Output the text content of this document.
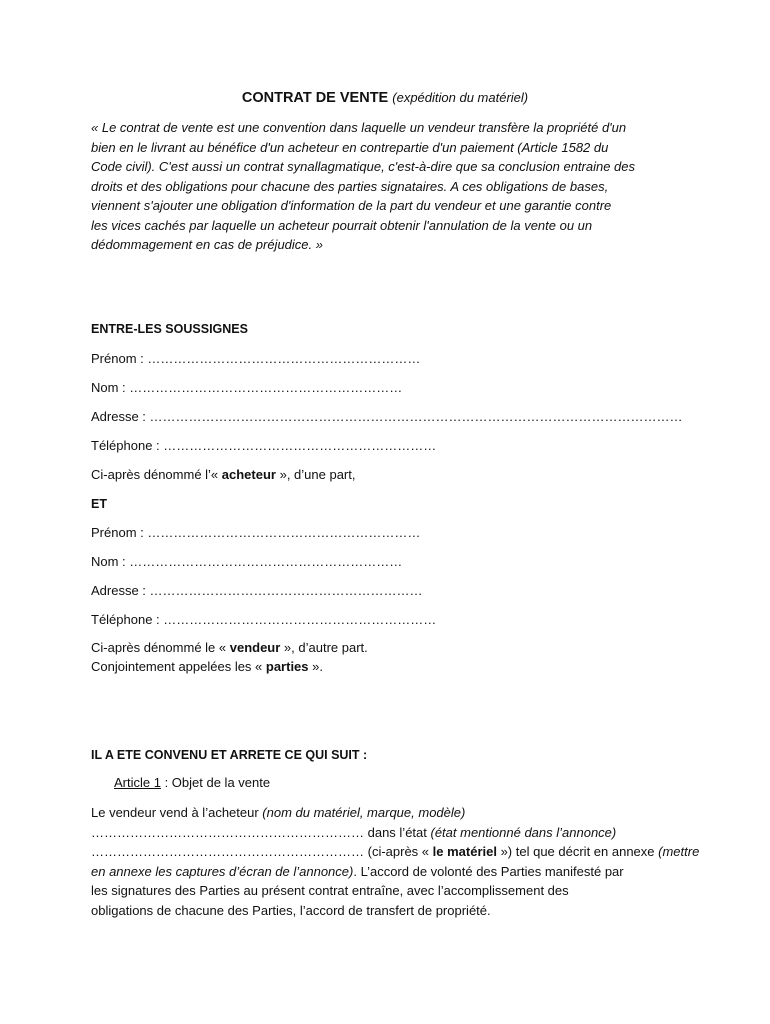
CONTRAT DE VENTE (expédition du matériel)

« Le contrat de vente est une convention dans laquelle un vendeur transfère la propriété d'un
bien en le livrant au bénéfice d'un acheteur en contrepartie d'un paiement (Article 1582 du
Code civil). C'est aussi un contrat synallagmatique, c'est-à-dire que sa conclusion entraine des
droits et des obligations pour chacune des parties signataires. A ces obligations de bases,
viennent s'ajouter une obligation d'information de la part du vendeur et une garantie contre
les vices cachés par laquelle un acheteur pourrait obtenir l'annulation de la vente ou un
dédommagement en cas de préjudice. »

ENTRE-LES SOUSSIGNES
Prénom : ………………………………………………………
Nom : ………………………………………………………
Adresse : ……………………………………………………………………………………………………………
Téléphone : ………………………………………………………
Ci-après dénommé l’« acheteur », d’une part,
ET
Prénom : ………………………………………………………
Nom : ………………………………………………………
Adresse : ………………………………………………………
Téléphone : ………………………………………………………
Ci-après dénommé le « vendeur », d’autre part.
Conjointement appelées les « parties ».
IL A ETE CONVENU ET ARRETE CE QUI SUIT :
Article 1 : Objet de la vente

Le vendeur vend à l’acheteur (nom du matériel, marque, modèle)
……………………………………………………… dans l’état (état mentionné dans l’annonce)
……………………………………………………… (ci-après « le matériel ») tel que décrit en annexe (mettre
en annexe les captures d’écran de l’annonce). L’accord de volonté des Parties manifesté par
les signatures des Parties au présent contrat entraîne, avec l’accomplissement des
obligations de chacune des Parties, l’accord de transfert de propriété.
